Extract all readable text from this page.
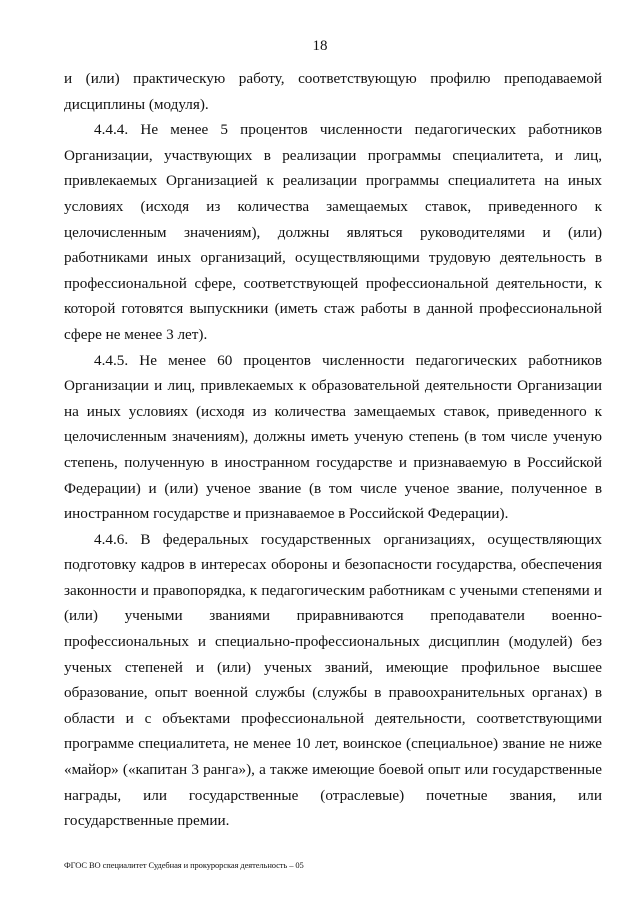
18

и (или) практическую работу, соответствующую профилю преподаваемой дисциплины (модуля).

4.4.4. Не менее 5 процентов численности педагогических работников Организации, участвующих в реализации программы специалитета, и лиц, привлекаемых Организацией к реализации программы специалитета на иных условиях (исходя из количества замещаемых ставок, приведенного к целочисленным значениям), должны являться руководителями и (или) работниками иных организаций, осуществляющими трудовую деятельность в профессиональной сфере, соответствующей профессиональной деятельности, к которой готовятся выпускники (иметь стаж работы в данной профессиональной сфере не менее 3 лет).

4.4.5. Не менее 60 процентов численности педагогических работников Организации и лиц, привлекаемых к образовательной деятельности Организации на иных условиях (исходя из количества замещаемых ставок, приведенного к целочисленным значениям), должны иметь ученую степень (в том числе ученую степень, полученную в иностранном государстве и признаваемую в Российской Федерации) и (или) ученое звание (в том числе ученое звание, полученное в иностранном государстве и признаваемое в Российской Федерации).

4.4.6. В федеральных государственных организациях, осуществляющих подготовку кадров в интересах обороны и безопасности государства, обеспечения законности и правопорядка, к педагогическим работникам с учеными степенями и (или) учеными званиями приравниваются преподаватели военно-профессиональных и специально-профессиональных дисциплин (модулей) без ученых степеней и (или) ученых званий, имеющие профильное высшее образование, опыт военной службы (службы в правоохранительных органах) в области и с объектами профессиональной деятельности, соответствующими программе специалитета, не менее 10 лет, воинское (специальное) звание не ниже «майор» («капитан 3 ранга»), а также имеющие боевой опыт или государственные награды, или государственные (отраслевые) почетные звания, или государственные премии.

ФГОС ВО специалитет Судебная и прокурорская деятельность – 05
